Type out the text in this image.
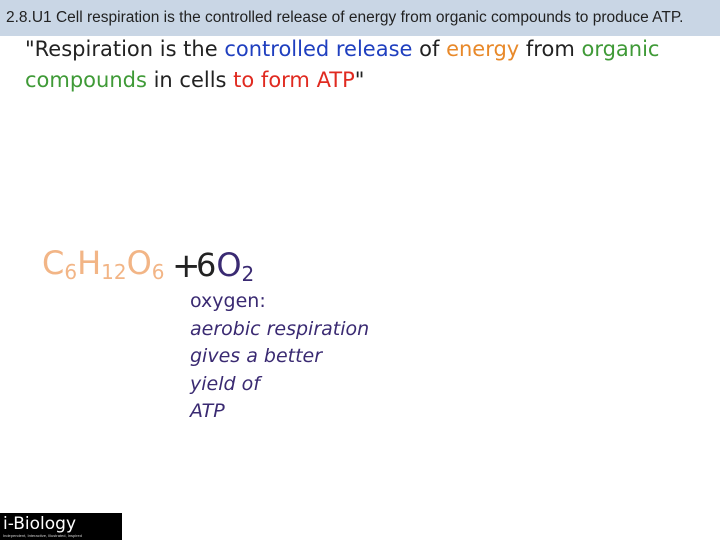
2.8.U1 Cell respiration is the controlled release of energy from organic compounds to produce ATP.
"Respiration is the controlled release of energy from organic
compounds in cells to form ATP"
$C_6H_{12}O_6$ +
$6O_2$
oxygen:
aerobic respiration
gives a better
yield of
ATP
i-Biology
Independent, Interactive, Illustrated, Inspired
